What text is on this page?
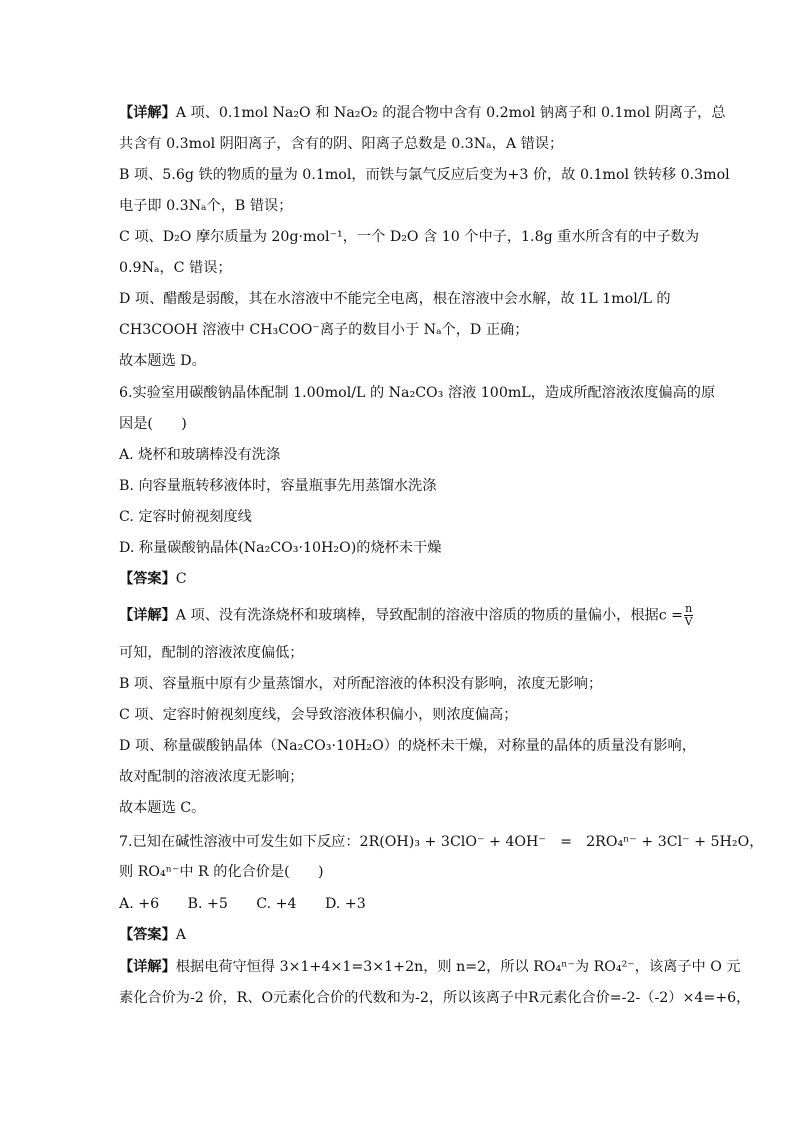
【详解】A 项、0.1mol Na₂O 和 Na₂O₂ 的混合物中含有 0.2mol 钠离子和 0.1mol 阴离子，总
共含有 0.3mol 阴阳离子，含有的阴、阳离子总数是 0.3Nₐ，A 错误；
B 项、5.6g 铁的物质的量为 0.1mol，而铁与氯气反应后变为+3 价，故 0.1mol 铁转移 0.3mol
电子即 0.3Nₐ个，B 错误；
C 项、D₂O 摩尔质量为 20g·mol⁻¹，一个 D₂O 含 10 个中子，1.8g 重水所含有的中子数为
0.9Nₐ，C 错误；
D 项、醋酸是弱酸，其在水溶液中不能完全电离，根在溶液中会水解，故 1L 1mol/L 的
CH3COOH 溶液中 CH₃COO⁻离子的数目小于 Nₐ个，D 正确；
故本题选 D。
6.实验室用碳酸钠晶体配制 1.00mol/L 的 Na₂CO₃ 溶液 100mL，造成所配溶液浓度偏高的原
因是(　　)
A. 烧杯和玻璃棒没有洗涤
B. 向容量瓶转移液体时，容量瓶事先用蒸馏水洗涤
C. 定容时俯视刻度线
D. 称量碳酸钠晶体(Na₂CO₃·10H₂O)的烧杯未干燥
【答案】C
【详解】A 项、没有洗涤烧杯和玻璃棒，导致配制的溶液中溶质的物质的量偏小，根据$c = \frac{n}{V}$
可知，配制的溶液浓度偏低；
B 项、容量瓶中原有少量蒸馏水，对所配溶液的体积没有影响，浓度无影响；
C 项、定容时俯视刻度线，会导致溶液体积偏小，则浓度偏高；
D 项、称量碳酸钠晶体（Na₂CO₃·10H₂O）的烧杯未干燥，对称量的晶体的质量没有影响，
故对配制的溶液浓度无影响；
故本题选 C。
7.已知在碱性溶液中可发生如下反应：2R(OH)₃ + 3ClO⁻ + 4OH⁻　=　2RO₄ⁿ⁻ + 3Cl⁻ + 5H₂O，
则 RO₄ⁿ⁻中 R 的化合价是(　　)
A. +6　　B. +5　　C. +4　　D. +3
【答案】A
【详解】根据电荷守恒得 3×1+4×1=3×1+2n，则 n=2，所以 RO₄ⁿ⁻为 RO₄²⁻，该离子中 O 元
素化合价为-2 价，R、O元素化合价的代数和为-2，所以该离子中R元素化合价=-2-（-2）×4=+6，
